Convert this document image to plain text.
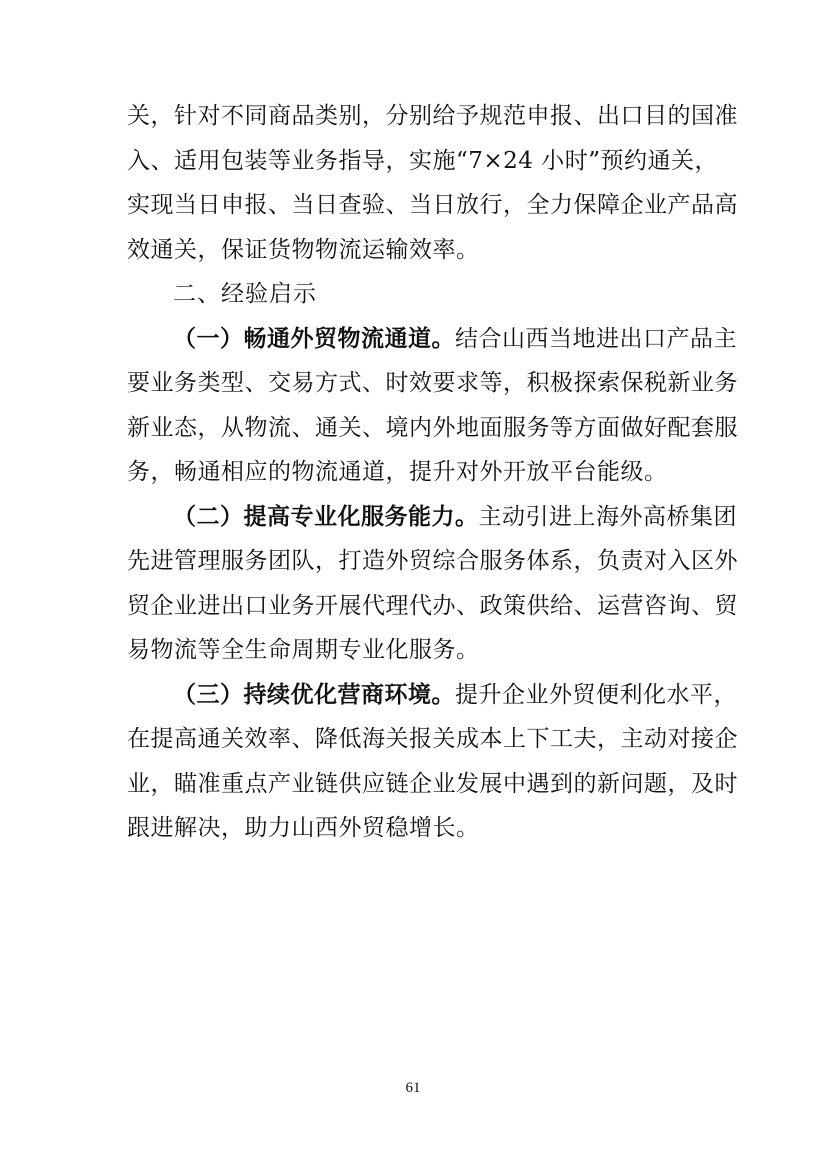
关，针对不同商品类别，分别给予规范申报、出口目的国准
入、适用包装等业务指导，实施“7×24 小时”预约通关，
实现当日申报、当日查验、当日放行，全力保障企业产品高
效通关，保证货物物流运输效率。
二、经验启示
（一）畅通外贸物流通道。结合山西当地进出口产品主
要业务类型、交易方式、时效要求等，积极探索保税新业务
新业态，从物流、通关、境内外地面服务等方面做好配套服
务，畅通相应的物流通道，提升对外开放平台能级。
（二）提高专业化服务能力。主动引进上海外高桥集团
先进管理服务团队，打造外贸综合服务体系，负责对入区外
贸企业进出口业务开展代理代办、政策供给、运营咨询、贸
易物流等全生命周期专业化服务。
（三）持续优化营商环境。提升企业外贸便利化水平，
在提高通关效率、降低海关报关成本上下工夫，主动对接企
业，瞄准重点产业链供应链企业发展中遇到的新问题，及时
跟进解决，助力山西外贸稳增长。
61
